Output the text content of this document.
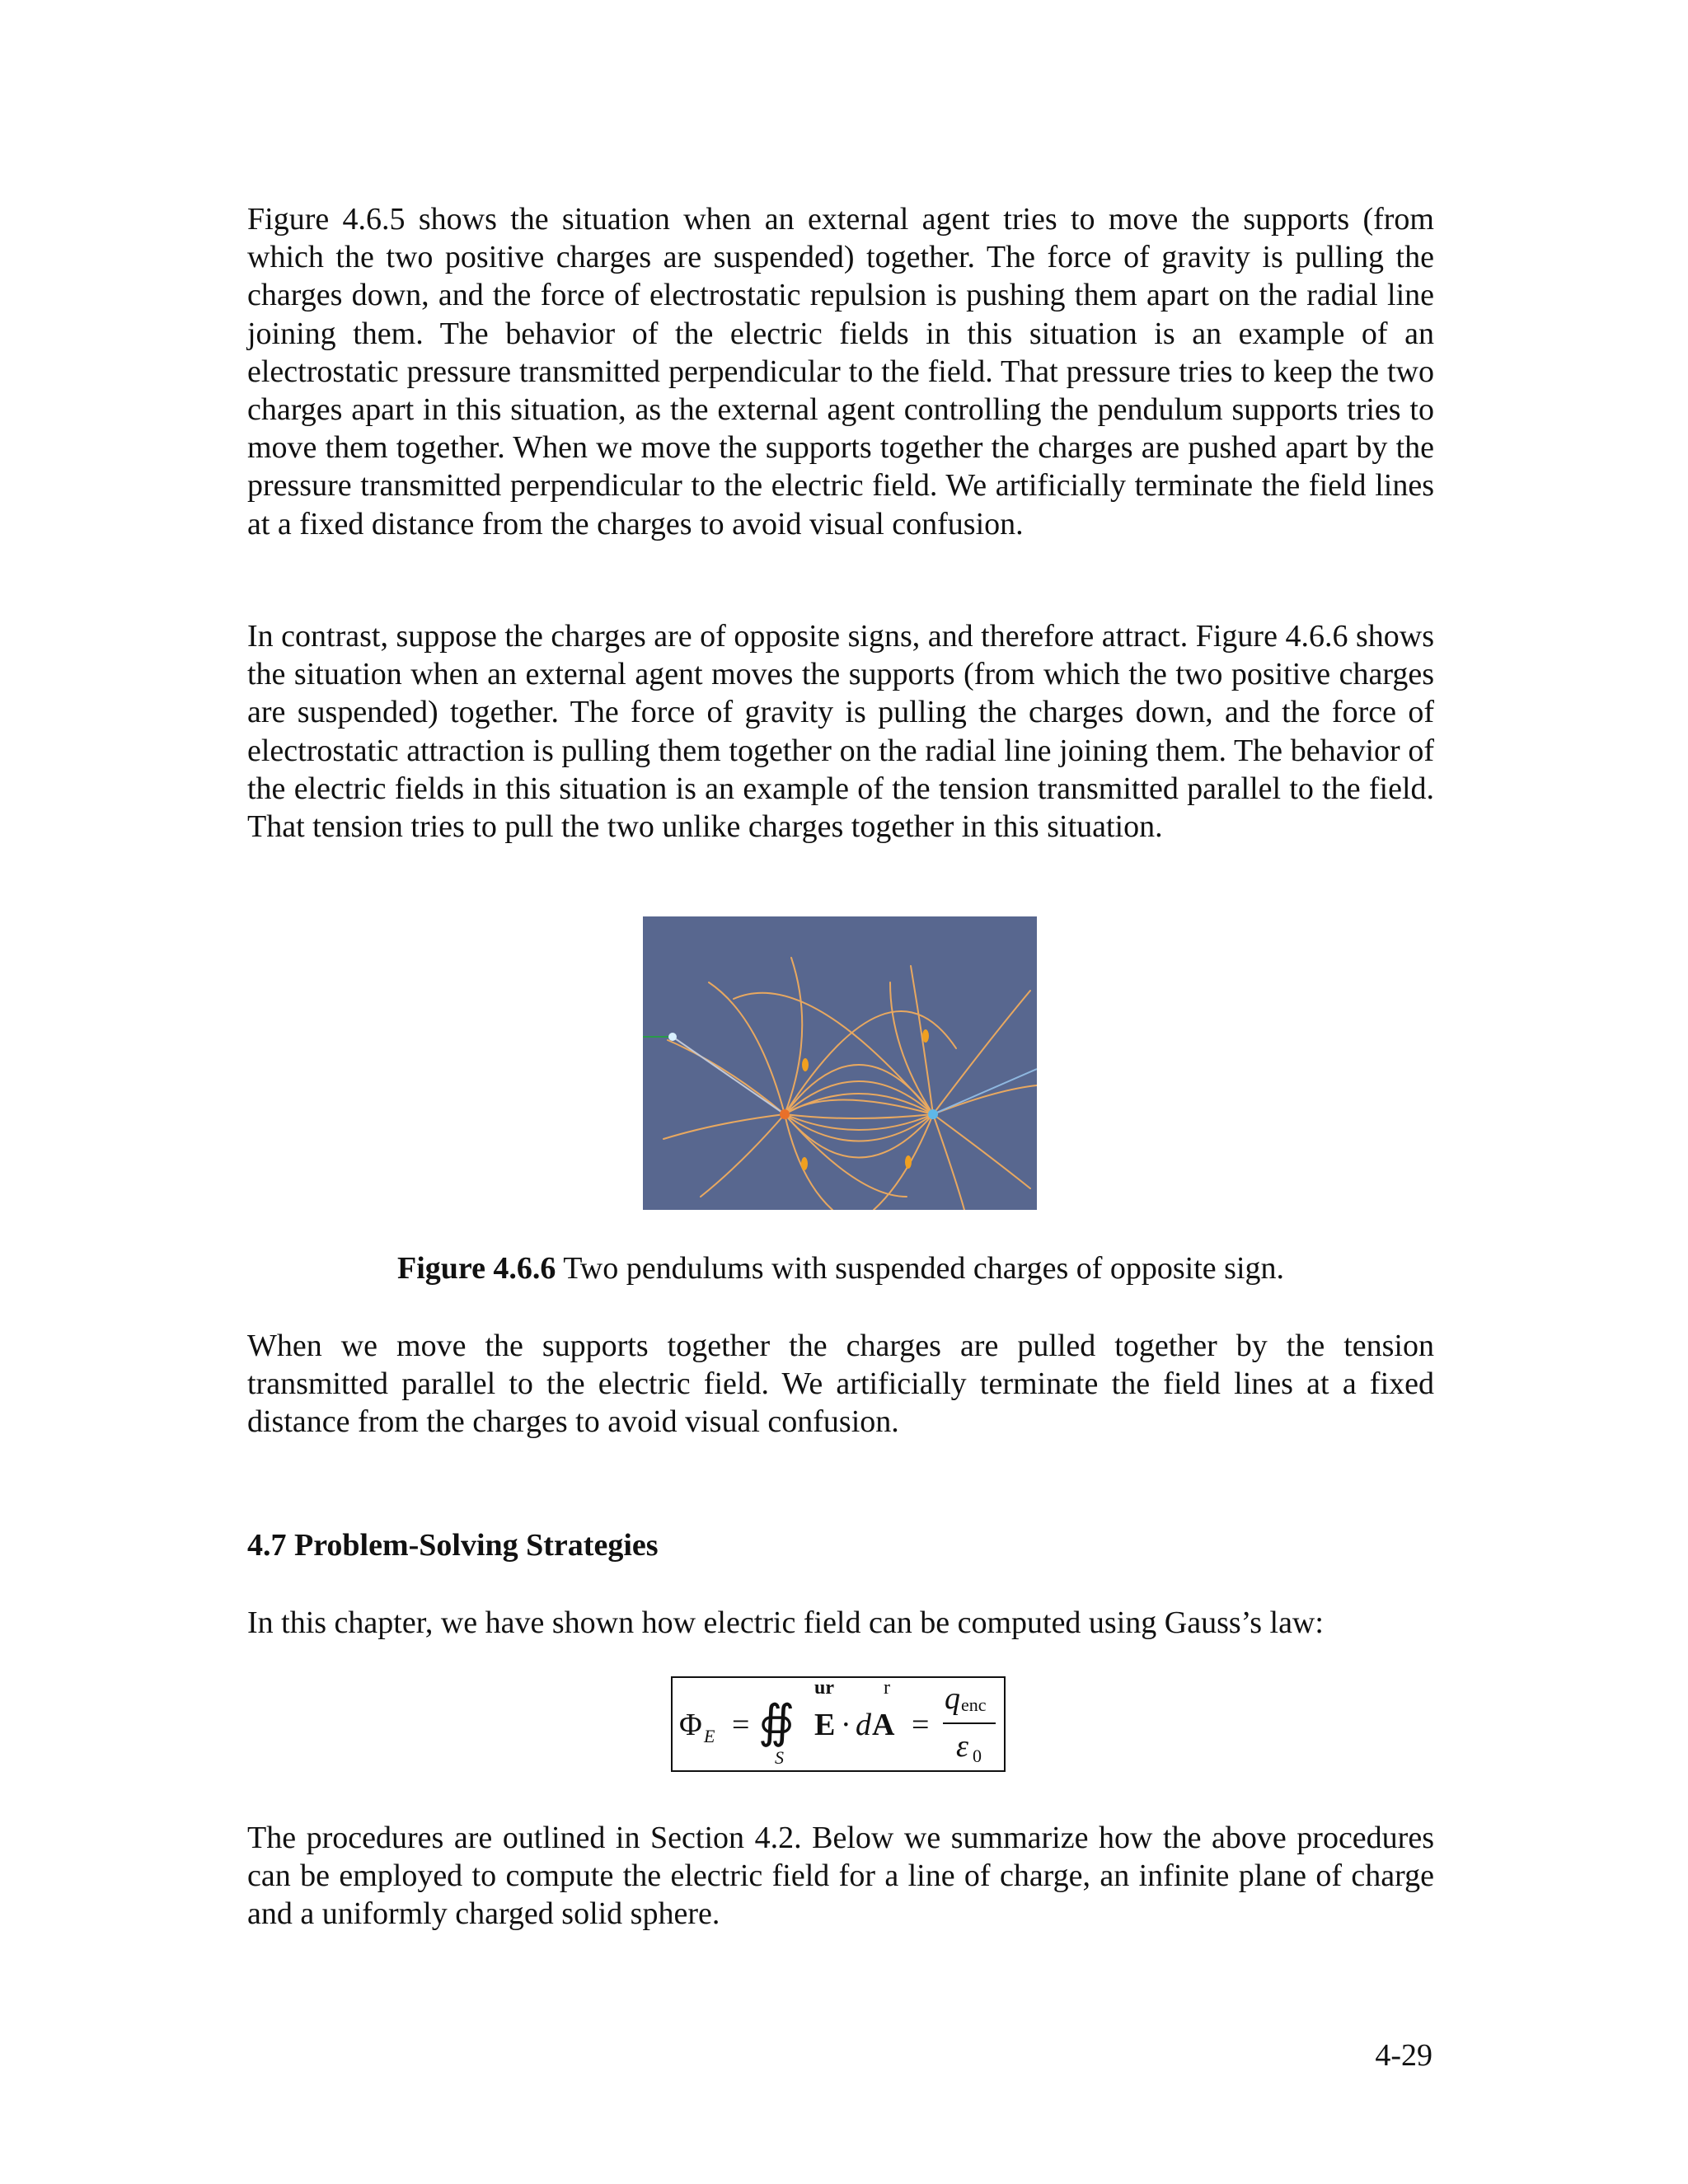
Figure 4.6.5 shows the situation when an external agent tries to move the supports (from which the two positive charges are suspended) together. The force of gravity is pulling the charges down, and the force of electrostatic repulsion is pushing them apart on the radial line joining them. The behavior of the electric fields in this situation is an example of an electrostatic pressure transmitted perpendicular to the field. That pressure tries to keep the two charges apart in this situation, as the external agent controlling the pendulum supports tries to move them together. When we move the supports together the charges are pushed apart by the pressure transmitted perpendicular to the electric field. We artificially terminate the field lines at a fixed distance from the charges to avoid visual confusion.

In contrast, suppose the charges are of opposite signs, and therefore attract. Figure 4.6.6 shows the situation when an external agent moves the supports (from which the two positive charges are suspended) together. The force of gravity is pulling the charges down, and the force of electrostatic attraction is pulling them together on the radial line joining them. The behavior of the electric fields in this situation is an example of the tension transmitted parallel to the field. That tension tries to pull the two unlike charges together in this situation.

Figure 4.6.6 Two pendulums with suspended charges of opposite sign.

When we move the supports together the charges are pulled together by the tension transmitted parallel to the electric field. We artificially terminate the field lines at a fixed distance from the charges to avoid visual confusion.

4.7 Problem-Solving Strategies

In this chapter, we have shown how electric field can be computed using Gauss’s law:

Φ E = ∯
S
ur
E · d
r
A =
q enc
ε 0

The procedures are outlined in Section 4.2. Below we summarize how the above procedures can be employed to compute the electric field for a line of charge, an infinite plane of charge and a uniformly charged solid sphere.

4-29
